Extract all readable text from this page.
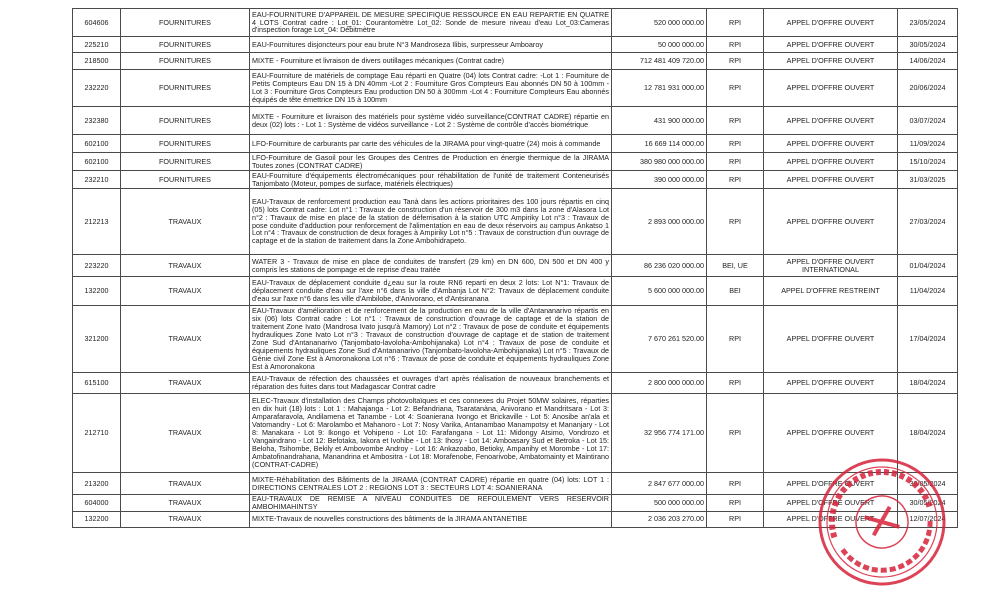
604606	FOURNITURES	EAU-FOURNITURE D'APPAREIL DE MESURE SPECIFIQUE RESSOURCE EN EAU REPARTIE EN QUATRE 4 LOTS Contrat cadre : Lot_01: Courantomètre Lot_02: Sonde de mesure niveau d'eau Lot_03:Cameras d'inspection forage Lot_04: Débitmètre	520 000 000.00	RPI	APPEL D'OFFRE OUVERT	23/05/2024
225210	FOURNITURES	EAU-Fournitures disjoncteurs pour eau brute N°3 Mandroseza Ilibis, surpresseur Amboaroy	50 000 000.00	RPI	APPEL D'OFFRE OUVERT	30/05/2024
218500	FOURNITURES	MIXTE - Fourniture et livraison de divers outillages mécaniques (Contrat cadre)	712 481 409 720.00	RPI	APPEL D'OFFRE OUVERT	14/06/2024
232220	FOURNITURES	EAU-Fourniture de matériels de comptage Eau réparti en Quatre (04) lots Contrat cadre: -Lot 1 : Fourniture de Petits Compteurs Eau DN 15 à DN 40mm -Lot 2 : Fourniture Gros Compteurs Eau abonnés DN 50 à 100mm -Lot 3 : Fourniture Gros Compteurs Eau production DN 50 à 300mm -Lot 4 : Fourniture Compteurs Eau abonnés équipés de tête émettrice DN 15 à 100mm	12 781 931 000.00	RPI	APPEL D'OFFRE OUVERT	20/06/2024
232380	FOURNITURES	MIXTE - Fourniture et livraison des matériels pour système vidéo surveillance(CONTRAT CADRE) répartie en deux (02) lots : - Lot 1 : Système de vidéos surveillance - Lot 2 : Système de contrôle d'accès biométrique	431 900 000.00	RPI	APPEL D'OFFRE OUVERT	03/07/2024
602100	FOURNITURES	LFO-Fourniture de carburants par carte des véhicules de la JIRAMA pour vingt-quatre (24) mois à commande	16 669 114 000.00	RPI	APPEL D'OFFRE OUVERT	11/09/2024
602100	FOURNITURES	LFO-Fourniture de Gasoil pour les Groupes des Centres de Production en énergie thermique de la JIRAMA Toutes zones (CONTRAT CADRE)	380 980 000 000.00	RPI	APPEL D'OFFRE OUVERT	15/10/2024
232210	FOURNITURES	EAU-Fourniture d'équipements électromécaniques pour réhabilitation de l'unité de traitement Conteneurisés Tanjombato (Moteur, pompes de surface, matériels électriques)	390 000 000.00	RPI	APPEL D'OFFRE OUVERT	31/03/2025
212213	TRAVAUX	EAU-Travaux de renforcement production eau Tanà dans les actions prioritaires des 100 jours répartis en cinq (05) lots Contrat cadre: Lot n°1 : Travaux de construction d'un réservoir de 300 m3 dans la zone d'Alasora Lot n°2 : Travaux de mise en place de la station de déferrisation à la station UTC Ampiriky Lot n°3 : Travaux de pose conduite d'adduction pour renforcement de l'alimentation en eau de deux réservoirs au campus Ankatso 1 Lot n°4 : Travaux de construction de deux forages à Ampiriky Lot n°5 : Travaux de construction d'un ouvrage de captage et de la station de traitement dans la Zone Ambohidrapeto.	2 893 000 000.00	RPI	APPEL D'OFFRE OUVERT	27/03/2024
223220	TRAVAUX	WATER 3 - Travaux de mise en place de conduites de transfert (29 km) en DN 600, DN 500 et DN 400 y compris les stations de pompage et de reprise d'eau traitée	86 236 020 000.00	BEI, UE	APPEL D'OFFRE OUVERT INTERNATIONAL	01/04/2024
132200	TRAVAUX	EAU-Travaux de déplacement conduite d¿eau sur la route RN6 reparti en deux 2 lots: Lot N°1: Travaux de déplacement conduite d'eau sur l'axe n°6 dans la ville d'Ambanja Lot N°2: Travaux de déplacement conduite d'eau sur l'axe n°6 dans les ville d'Ambilobe, d'Anivorano, et d'Antsiranana	5 600 000 000.00	BEI	APPEL D'OFFRE RESTREINT	11/04/2024
321200	TRAVAUX	EAU-Travaux d'amélioration et de renforcement de la production en eau de la ville d'Antananarivo répartis en six (06) lots Contrat cadre : Lot n°1 : Travaux de construction d'ouvrage de captage et de la station de traitement Zone Ivato (Mandrosa Ivato jusqu'à Mamory) Lot n°2 : Travaux de pose de conduite et équipements hydrauliques Zone Ivato Lot n°3 : Travaux de construction d'ouvrage de captage et de station de traitement Zone Sud d'Antananarivo (Tanjombato-lavoloha-Ambohijanaka) Lot n°4 : Travaux de pose de conduite et équipements hydrauliques Zone Sud d'Antananarivo (Tanjombato-lavoloha-Ambohijanaka) Lot n°5 : Travaux de Génie civil Zone Est à Amoronakona Lot n°6 : Travaux de pose de conduite et équipements hydrauliques Zone Est à Amoronakona	7 670 261 520.00	RPI	APPEL D'OFFRE OUVERT	17/04/2024
615100	TRAVAUX	EAU-Travaux de réfection des chaussées et ouvrages d'art après réalisation de nouveaux branchements et réparation des fuites dans tout Madagascar Contrat cadre	2 800 000 000.00	RPI	APPEL D'OFFRE OUVERT	18/04/2024
212710	TRAVAUX	ELEC-Travaux d'installation des Champs photovoltaïques et ces connexes du Projet 50MW solaires, réparties en dix huit (18) lots : Lot 1 : Mahajanga - Lot 2: Befandriana, Tsaratanàna, Anivorano et Mandritsara - Lot 3: Amparafaravola, Andilamena et Tanambe - Lot 4: Soanierana Ivongo et Brickaville - Lot 5: Anosibe an'ala et Vatomandry - Lot 6: Marolambo et Mahanoro - Lot 7: Nosy Varika, Antanambao Manampotsy et Mananjary - Lot 8: Manakara - Lot 9: Ikongo et Vohipeno - Lot 10: Farafangana - Lot 11: Midongy Atsimo, Vondrozo et Vangaindrano - Lot 12: Befotaka, Iakora et Ivohibe - Lot 13: Ihosy - Lot 14: Amboasary Sud et Betroka - Lot 15: Beloha, Tsihombe, Bekily et Ambovombe Androy - Lot 16: Ankazoabo, Betioky, Ampanihy et Morombe - Lot 17: Ambatofinandrahana, Manandrina et Ambositra - Lot 18: Morafenobe, Fenoarivobe, Ambatomainty et Maintirano (CONTRAT-CADRE)	32 956 774 171.00	RPI	APPEL D'OFFRE OUVERT	18/04/2024
213200	TRAVAUX	MIXTE-Réhabilitation des Bâtiments de la JIRAMA (CONTRAT CADRE) répartie en quatre (04) lots: LOT 1 : DIRECTIONS CENTRALES LOT 2 : REGIONS LOT 3 : SECTEURS LOT 4: SOANIERANA	2 847 677 000.00	RPI	APPEL D'OFFRE OUVERT	30/05/2024
604000	TRAVAUX	EAU-TRAVAUX DE REMISE A NIVEAU CONDUITES DE REFOULEMENT VERS RESERVOIR AMBOHIMAHINTSY	500 000 000.00	RPI	APPEL D'OFFRE OUVERT	30/05/2024
132200	TRAVAUX	MIXTE-Travaux de nouvelles constructions des bâtiments de la JIRAMA ANTANETIBE	2 036 203 270.00	RPI	APPEL D'OFFRE OUVERT	12/07/2024
